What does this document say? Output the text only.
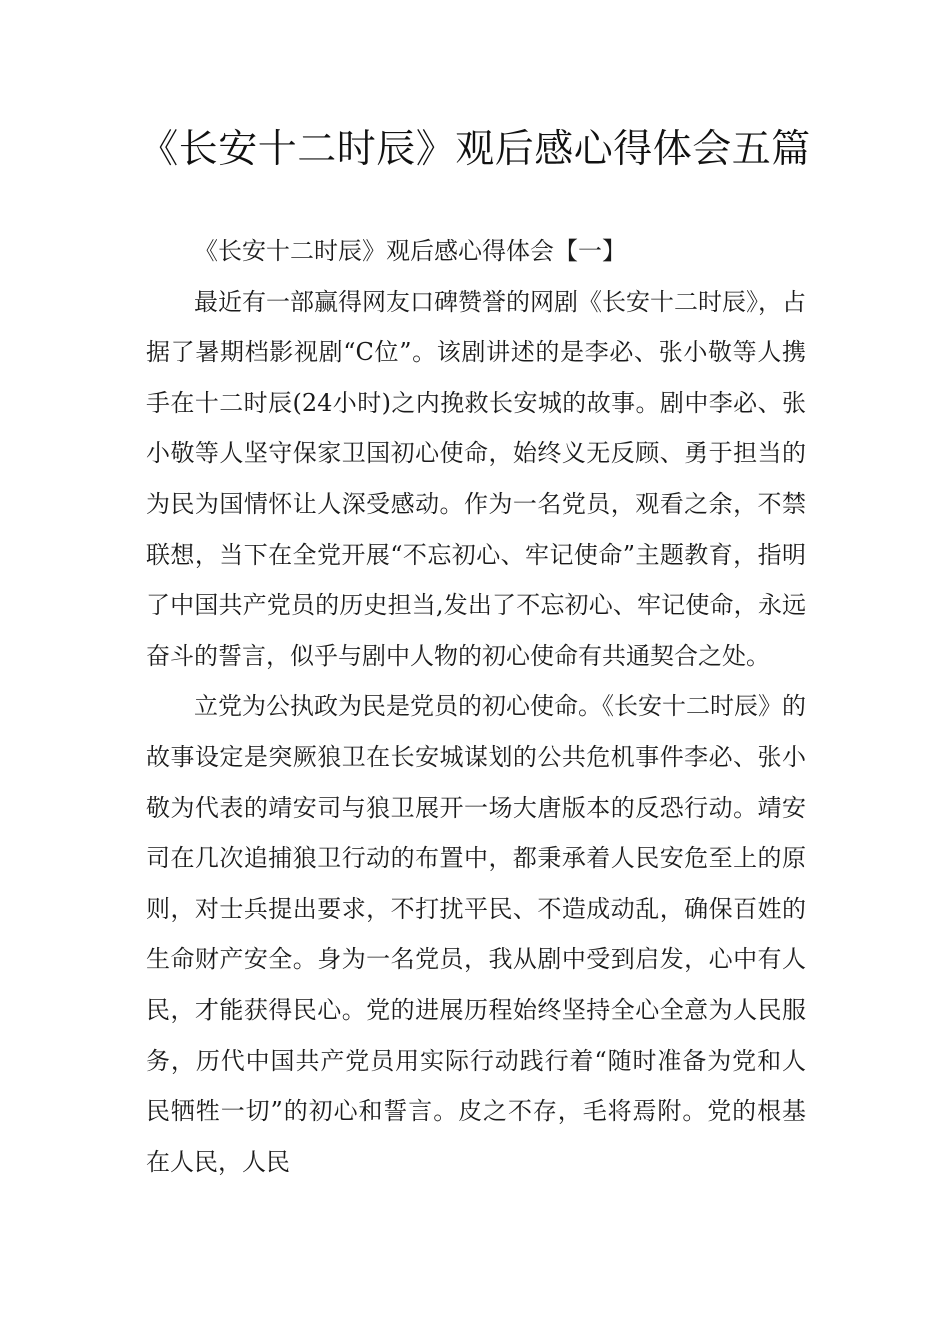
《长安十二时辰》观后感心得体会五篇

《长安十二时辰》观后感心得体会【一】

最近有一部赢得网友口碑赞誉的网剧《长安十二时辰》，占据了暑期档影视剧“C位”。该剧讲述的是李必、张小敬等人携手在十二时辰(24小时)之内挽救长安城的故事。剧中李必、张小敬等人坚守保家卫国初心使命，始终义无反顾、勇于担当的为民为国情怀让人深受感动。作为一名党员，观看之余，不禁联想，当下在全党开展“不忘初心、牢记使命”主题教育，指明了中国共产党员的历史担当,发出了不忘初心、牢记使命，永远奋斗的誓言，似乎与剧中人物的初心使命有共通契合之处。

立党为公执政为民是党员的初心使命。《长安十二时辰》的故事设定是突厥狼卫在长安城谋划的公共危机事件李必、张小敬为代表的靖安司与狼卫展开一场大唐版本的反恐行动。靖安司在几次追捕狼卫行动的布置中，都秉承着人民安危至上的原则，对士兵提出要求，不打扰平民、不造成动乱，确保百姓的生命财产安全。身为一名党员，我从剧中受到启发，心中有人民，才能获得民心。党的进展历程始终坚持全心全意为人民服务，历代中国共产党员用实际行动践行着“随时准备为党和人民牺牲一切”的初心和誓言。皮之不存，毛将焉附。党的根基在人民，人民
